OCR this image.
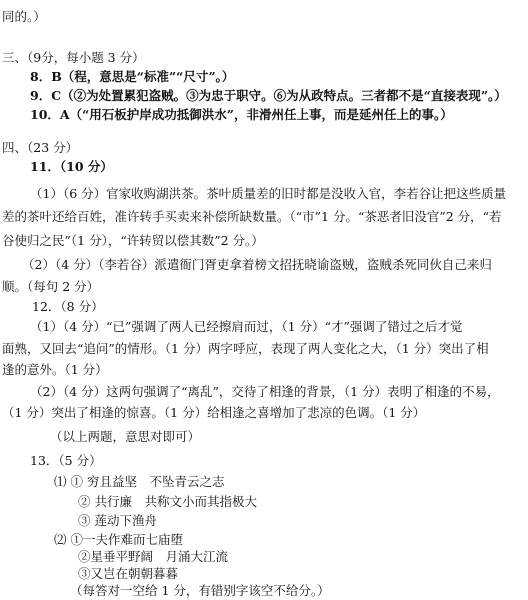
同的。）
三、（9分，每小题 3 分）
8．B（程，意思是“标准”“尺寸”。）
9．C（②为处置累犯盗贼。③为忠于职守。⑥为从政特点。三者都不是“直接表现”。）
10．A（“用石板护岸成功抵御洪水”，非滑州任上事，而是延州任上的事。）
四、（23 分）
11．（10 分）
（1）（6 分）官家收购湖洪茶。茶叶质量差的旧时都是没收入官，李若谷让把这些质量
差的茶叶还给百姓，准许转手买卖来补偿所缺数量。（“市”1 分。“茶恶者旧没官”2 分，“若
谷使归之民”（1 分），“许转贸以偿其数”2 分。）
（2）（4 分）（李若谷）派遣衙门胥吏拿着榜文招抚晓谕盗贼，盗贼杀死同伙自己来归
顺。（每句 2 分）
12．（8 分）
（1）（4 分）“已”强调了两人已经擦肩而过，（1 分）“才”强调了错过之后才觉
面熟，又回去“追问”的情形。（1 分）两字呼应，表现了两人变化之大，（1 分）突出了相
逢的意外。（1 分）
（2）（4 分）这两句强调了“离乱”，交待了相逢的背景，（1 分）表明了相逢的不易，
（1 分）突出了相逢的惊喜。（1 分）给相逢之喜增加了悲凉的色调。（1 分）
（以上两题，意思对即可）
13．（5 分）
⑴ ① 穷且益坚　不坠青云之志
② 共行廉　共称文小而其指极大
③ 莲动下渔舟
⑵ ①一夫作难而七庙堕
②星垂平野阔　月涌大江流
③又岂在朝朝暮暮
（每答对一空给 1 分，有错别字该空不给分。）
